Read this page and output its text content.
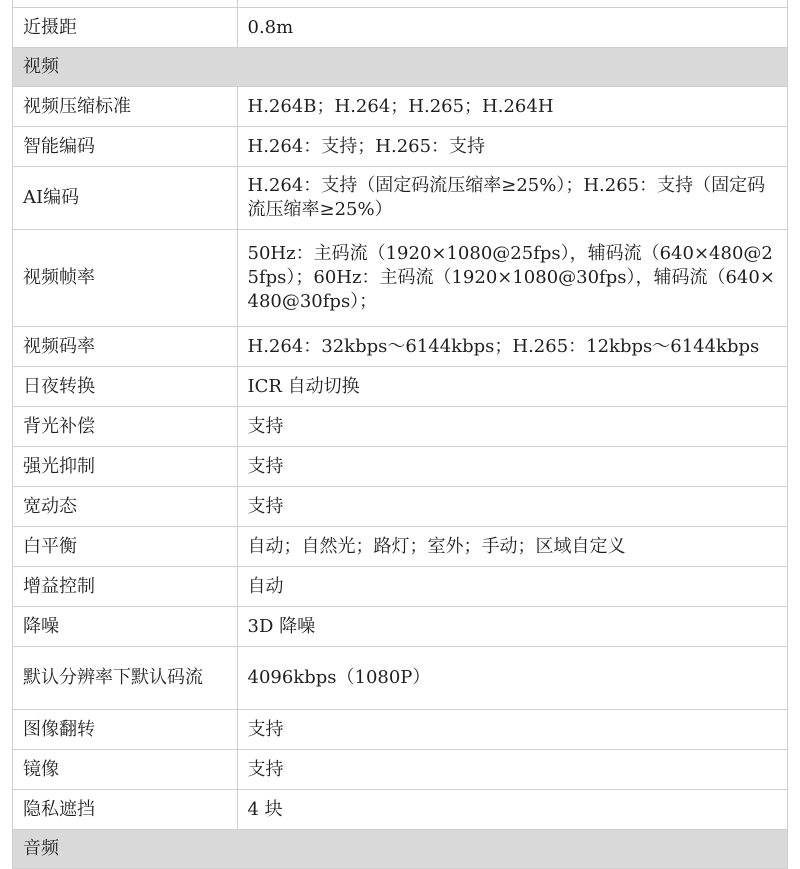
近摄距	0.8m
视频	
视频压缩标准	H.264B；H.264；H.265；H.264H
智能编码	H.264：支持；H.265：支持
AI编码	H.264：支持（固定码流压缩率≥25%）；H.265：支持（固定码流压缩率≥25%）
视频帧率	50Hz：主码流（1920×1080@25fps），辅码流（640×480@25fps）；60Hz：主码流（1920×1080@30fps），辅码流（640×480@30fps）；
视频码率	H.264：32kbps～6144kbps；H.265：12kbps～6144kbps
日夜转换	ICR 自动切换
背光补偿	支持
强光抑制	支持
宽动态	支持
白平衡	自动；自然光；路灯；室外；手动；区域自定义
增益控制	自动
降噪	3D 降噪
默认分辨率下默认码流	4096kbps（1080P）
图像翻转	支持
镜像	支持
隐私遮挡	4 块
音频	
